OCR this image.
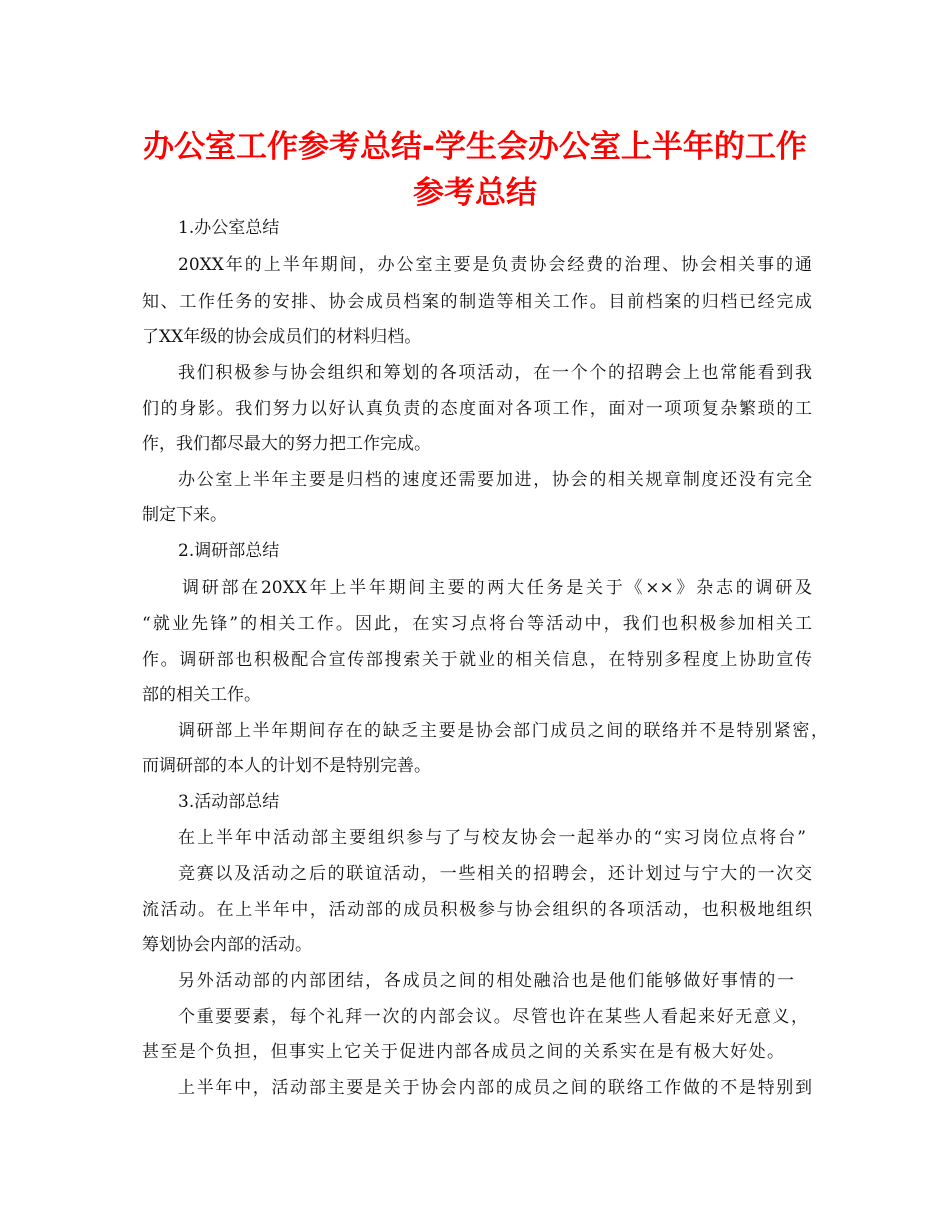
办公室工作参考总结-学生会办公室上半年的工作
参考总结

1.办公室总结

20XX年的上半年期间，办公室主要是负责协会经费的治理、协会相关事的通

知、工作任务的安排、协会成员档案的制造等相关工作。目前档案的归档已经完成

了XX年级的协会成员们的材料归档。

我们积极参与协会组织和筹划的各项活动，在一个个的招聘会上也常能看到我

们的身影。我们努力以好认真负责的态度面对各项工作，面对一项项复杂繁琐的工

作，我们都尽最大的努力把工作完成。

办公室上半年主要是归档的速度还需要加进，协会的相关规章制度还没有完全

制定下来。

2.调研部总结

调研部在20XX年上半年期间主要的两大任务是关于《××》杂志的调研及

“就业先锋”的相关工作。因此，在实习点将台等活动中，我们也积极参加相关工

作。调研部也积极配合宣传部搜索关于就业的相关信息，在特别多程度上协助宣传

部的相关工作。

调研部上半年期间存在的缺乏主要是协会部门成员之间的联络并不是特别紧密，

而调研部的本人的计划不是特别完善。

3.活动部总结

在上半年中活动部主要组织参与了与校友协会一起举办的“实习岗位点将台”

竞赛以及活动之后的联谊活动，一些相关的招聘会，还计划过与宁大的一次交

流活动。在上半年中，活动部的成员积极参与协会组织的各项活动，也积极地组织

筹划协会内部的活动。

另外活动部的内部团结，各成员之间的相处融洽也是他们能够做好事情的一

个重要要素，每个礼拜一次的内部会议。尽管也许在某些人看起来好无意义，

甚至是个负担，但事实上它关于促进内部各成员之间的关系实在是有极大好处。

上半年中，活动部主要是关于协会内部的成员之间的联络工作做的不是特别到
